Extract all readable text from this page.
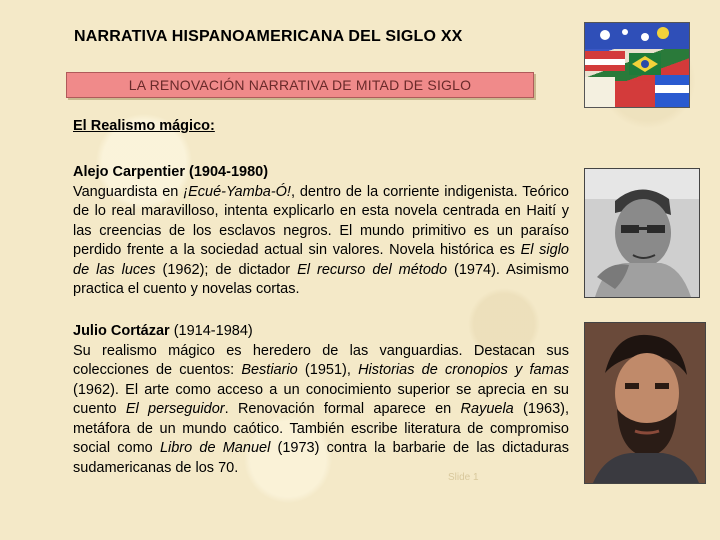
NARRATIVA HISPANOAMERICANA DEL SIGLO XX
LA RENOVACIÓN NARRATIVA DE MITAD DE SIGLO
El Realismo mágico:
Alejo Carpentier (1904-1980)
Vanguardista en ¡Ecué-Yamba-Ó!, dentro de la corriente indigenista. Teórico de lo real maravilloso, intenta explicarlo en esta novela centrada en Haití y las creencias de los esclavos negros. El mundo primitivo es un paraíso perdido frente a la sociedad actual sin valores. Novela histórica es El siglo de las luces (1962); de dictador El recurso del método (1974). Asimismo practica el cuento y novelas cortas.
Julio Cortázar (1914-1984)
Su realismo mágico es heredero de las vanguardias. Destacan sus colecciones de cuentos: Bestiario (1951), Historias de cronopios y famas (1962). El arte como acceso a un conocimiento superior se aprecia en su cuento El perseguidor. Renovación formal aparece en Rayuela (1963), metáfora de un mundo caótico. También escribe literatura de compromiso social como Libro de Manuel (1973) contra la barbarie de las dictaduras sudamericanas de los 70.
Slide 1
